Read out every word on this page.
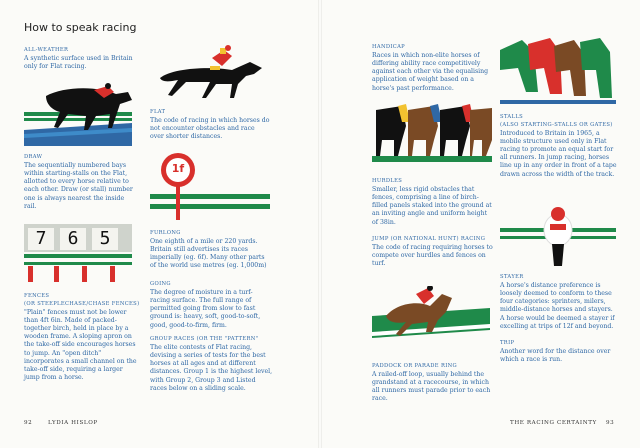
How to speak racing
ALL-WEATHER
A synthetic surface used in Britain only for Flat racing.
DRAW
The sequentially numbered bays within starting-stalls on the Flat, allotted to every horse relative to each other. Draw (or stall) number one is always nearest the inside rail.
7	6	5
FENCES
(OR STEEPLECHASE/CHASE FENCES)
"Plain" fences must not be lower than 4ft 6in. Made of packed-together birch, held in place by a wooden frame. A sloping apron on the take-off side encourages horses to jump. An "open ditch" incorporates a small channel on the take-off side, requiring a larger jump from a horse.
FLAT
The code of racing in which horses do not encounter obstacles and race over shorter distances.
1f
FURLONG
One eighth of a mile or 220 yards. Britain still advertises its races imperially (eg. 6f). Many other parts of the world use metres (eg. 1,000m)
GOING
The degree of moisture in a turf-racing surface. The full range of permitted going from slow to fast ground is: heavy, soft, good-to-soft, good, good-to-firm, firm.
GROUP RACES (OR THE "PATTERN"
The elite contests of Flat racing, devising a series of tests for the best horses at all ages and at different distances. Group 1 is the highest level, with Group 2, Group 3 and Listed races below on a sliding scale.
92	LYDIA HISLOP
HANDICAP
Races in which non-elite horses of differing ability race competitively against each other via the equalising application of weight based on a horse's past performance.
HURDLES
Smaller, less rigid obstacles that fences, comprising a line of birch-filled panels staked into the ground at an inviting angle and uniform height of 38in.
JUMP (OR NATIONAL HUNT) RACING
The code of racing requiring horses to compete over hurdles and fences on turf.
PADDOCK OR PARADE RING
A railed-off loop, usually behind the grandstand at a racecourse, in which all runners must parade prior to each race.
STALLS
(ALSO STARTING-STALLS OR GATES)
Introduced to Britain in 1965, a mobile structure used only in Flat racing to promote an equal start for all runners. In jump racing, horses line up in any order in front of a tape drawn across the width of the track.
STAYER
A horse's distance preference is loosely deemed to conform to these four categories: sprinters, milers, middle-distance horses and stayers. A horse would be deemed a stayer if excelling at trips of 12f and beyond.
TRIP
Another word for the distance over which a race is run.
THE RACING CERTAINTY 93
